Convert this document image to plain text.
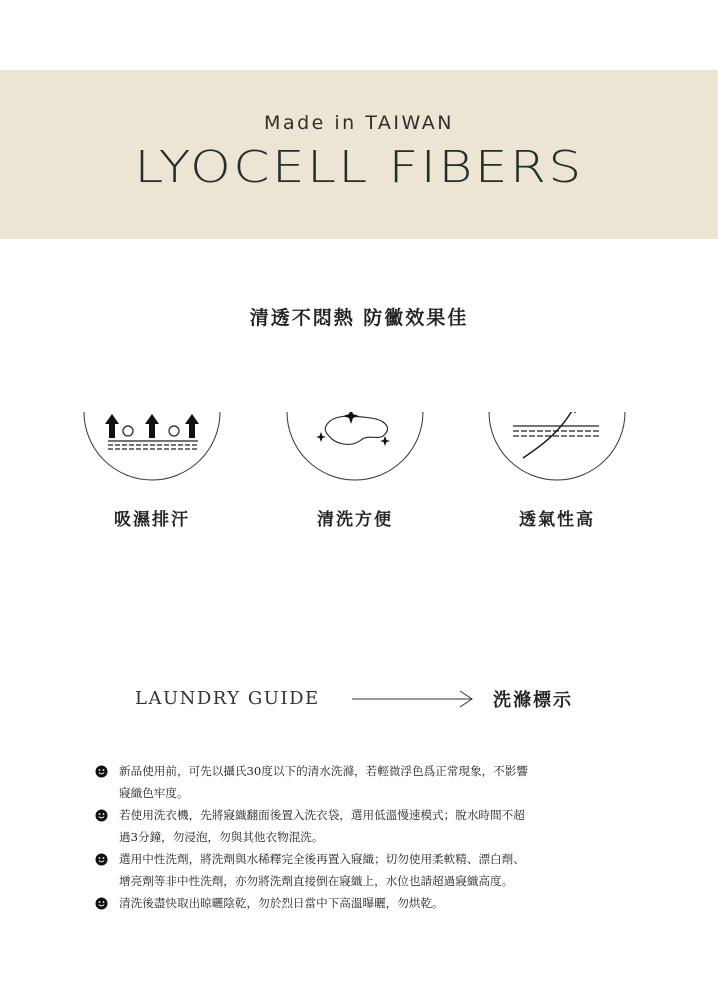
Made in TAIWAN
LYOCELL FIBERS
清透不悶熱 防黴效果佳
吸濕排汗	清洗方便	透氣性高
LAUNDRY GUIDE	洗滌標示
新品使用前，可先以攝氏30度以下的清水洗滌，若輕微浮色爲正常現象，不影響
寢織色牢度。
若使用洗衣機，先將寢織翻面後置入洗衣袋，選用低溫慢速模式；脫水時間不超
過3分鐘，勿浸泡，勿與其他衣物混洗。
選用中性洗劑，將洗劑與水稀釋完全後再置入寢織；切勿使用柔軟精、漂白劑、
增亮劑等非中性洗劑，亦勿將洗劑直接倒在寢織上，水位也請超過寢織高度。
清洗後盡快取出晾曬陰乾，勿於烈日當中下高溫曝曬，勿烘乾。
